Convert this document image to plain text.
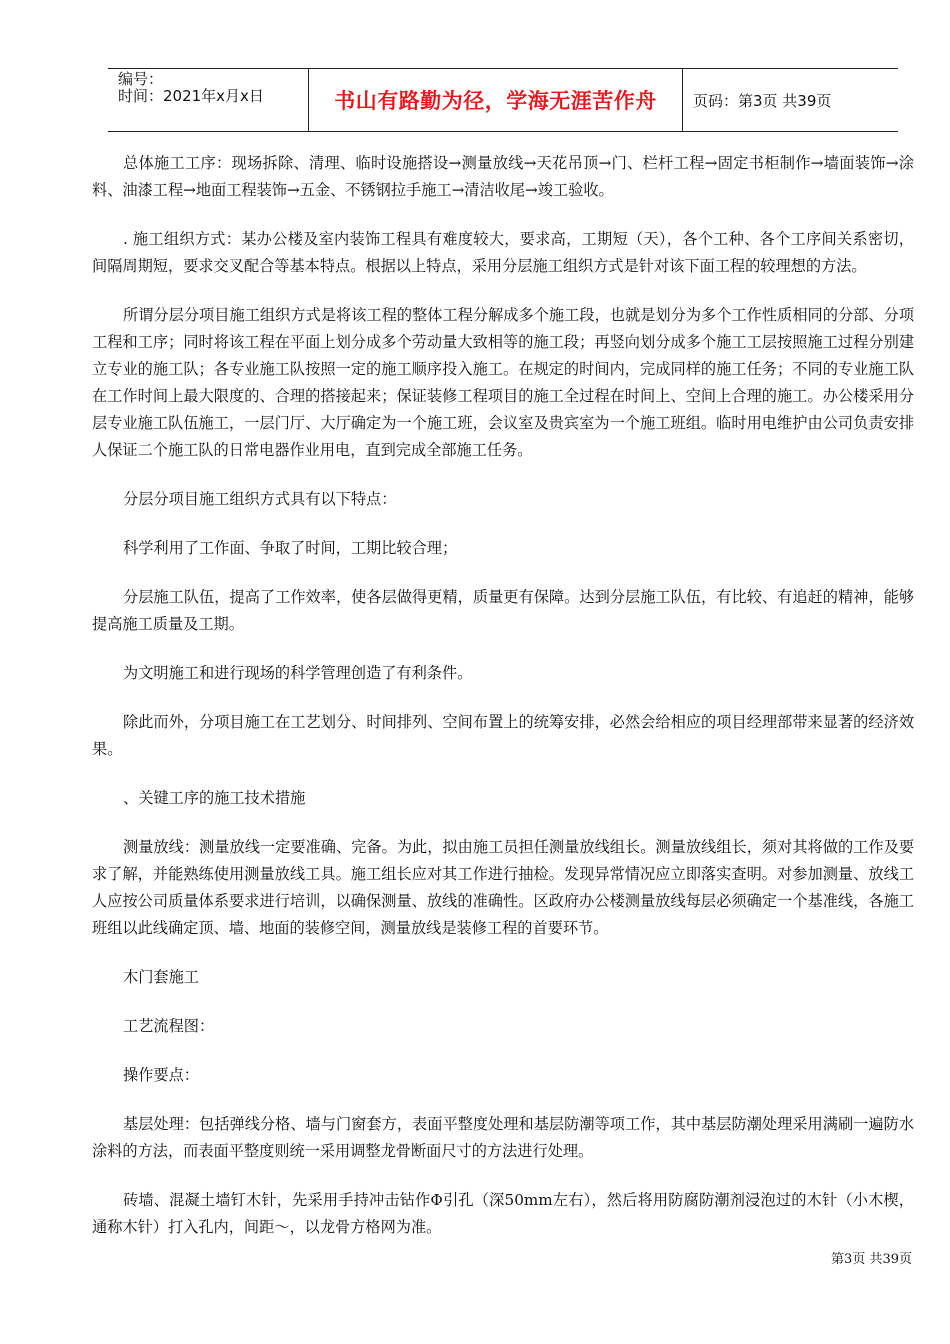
编号：
时间：2021年x月x日	书山有路勤为径，学海无涯苦作舟	页码：第3页 共39页

总体施工工序：现场拆除、清理、临时设施搭设→测量放线→天花吊顶→门、栏杆工程→固定书柜制作→墙面装饰→涂料、油漆工程→地面工程装饰→五金、不锈钢拉手施工→清洁收尾→竣工验收。

. 施工组织方式：某办公楼及室内装饰工程具有难度较大，要求高，工期短（天），各个工种、各个工序间关系密切，间隔周期短，要求交叉配合等基本特点。根据以上特点，采用分层施工组织方式是针对该下面工程的较理想的方法。

所谓分层分项目施工组织方式是将该工程的整体工程分解成多个施工段，也就是划分为多个工作性质相同的分部、分项工程和工序；同时将该工程在平面上划分成多个劳动量大致相等的施工段；再竖向划分成多个施工工层按照施工过程分别建立专业的施工队；各专业施工队按照一定的施工顺序投入施工。在规定的时间内，完成同样的施工任务；不同的专业施工队在工作时间上最大限度的、合理的搭接起来；保证装修工程项目的施工全过程在时间上、空间上合理的施工。办公楼采用分层专业施工队伍施工，一层门厅、大厅确定为一个施工班，会议室及贵宾室为一个施工班组。临时用电维护由公司负责安排人保证二个施工队的日常电器作业用电，直到完成全部施工任务。

分层分项目施工组织方式具有以下特点：

科学利用了工作面、争取了时间，工期比较合理；

分层施工队伍，提高了工作效率，使各层做得更精，质量更有保障。达到分层施工队伍，有比较、有追赶的精神，能够提高施工质量及工期。

为文明施工和进行现场的科学管理创造了有利条件。

除此而外，分项目施工在工艺划分、时间排列、空间布置上的统筹安排，必然会给相应的项目经理部带来显著的经济效果。

、关键工序的施工技术措施

测量放线：测量放线一定要准确、完备。为此，拟由施工员担任测量放线组长。测量放线组长，须对其将做的工作及要求了解，并能熟练使用测量放线工具。施工组长应对其工作进行抽检。发现异常情况应立即落实查明。对参加测量、放线工人应按公司质量体系要求进行培训，以确保测量、放线的准确性。区政府办公楼测量放线每层必须确定一个基准线，各施工班组以此线确定顶、墙、地面的装修空间，测量放线是装修工程的首要环节。

木门套施工

工艺流程图：

操作要点：

基层处理：包括弹线分格、墙与门窗套方，表面平整度处理和基层防潮等项工作，其中基层防潮处理采用满刷一遍防水涂料的方法，而表面平整度则统一采用调整龙骨断面尺寸的方法进行处理。

砖墙、混凝土墙钉木针，先采用手持冲击钻作Φ引孔（深50mm左右），然后将用防腐防潮剂浸泡过的木针（小木楔，通称木针）打入孔内，间距～，以龙骨方格网为准。

第3页 共39页
